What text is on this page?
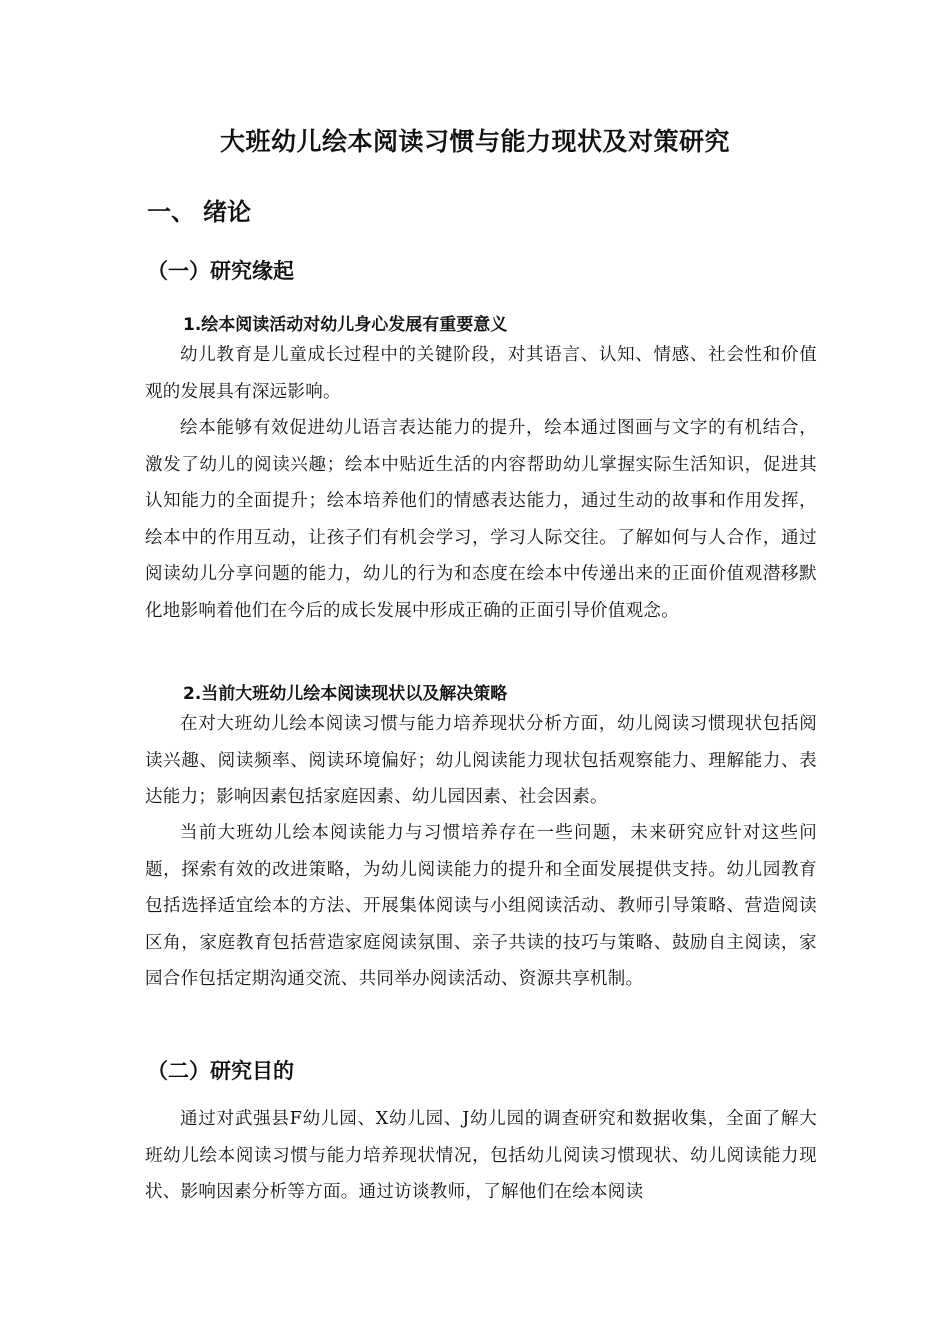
大班幼儿绘本阅读习惯与能力现状及对策研究
一、 绪论
（一）研究缘起
1.绘本阅读活动对幼儿身心发展有重要意义

幼儿教育是儿童成长过程中的关键阶段，对其语言、认知、情感、社会性和价值观的发展具有深远影响。

绘本能够有效促进幼儿语言表达能力的提升，绘本通过图画与文字的有机结合，激发了幼儿的阅读兴趣；绘本中贴近生活的内容帮助幼儿掌握实际生活知识，促进其认知能力的全面提升；绘本培养他们的情感表达能力，通过生动的故事和作用发挥，绘本中的作用互动，让孩子们有机会学习，学习人际交往。了解如何与人合作，通过阅读幼儿分享问题的能力，幼儿的行为和态度在绘本中传递出来的正面价值观潜移默化地影响着他们在今后的成长发展中形成正确的正面引导价值观念。

2.当前大班幼儿绘本阅读现状以及解决策略

在对大班幼儿绘本阅读习惯与能力培养现状分析方面，幼儿阅读习惯现状包括阅读兴趣、阅读频率、阅读环境偏好；幼儿阅读能力现状包括观察能力、理解能力、表达能力；影响因素包括家庭因素、幼儿园因素、社会因素。

当前大班幼儿绘本阅读能力与习惯培养存在一些问题，未来研究应针对这些问题，探索有效的改进策略，为幼儿阅读能力的提升和全面发展提供支持。幼儿园教育包括选择适宜绘本的方法、开展集体阅读与小组阅读活动、教师引导策略、营造阅读区角，家庭教育包括营造家庭阅读氛围、亲子共读的技巧与策略、鼓励自主阅读，家园合作包括定期沟通交流、共同举办阅读活动、资源共享机制。

（二）研究目的

通过对武强县F幼儿园、X幼儿园、J幼儿园的调查研究和数据收集，全面了解大班幼儿绘本阅读习惯与能力培养现状情况，包括幼儿阅读习惯现状、幼儿阅读能力现状、影响因素分析等方面。通过访谈教师，了解他们在绘本阅读
